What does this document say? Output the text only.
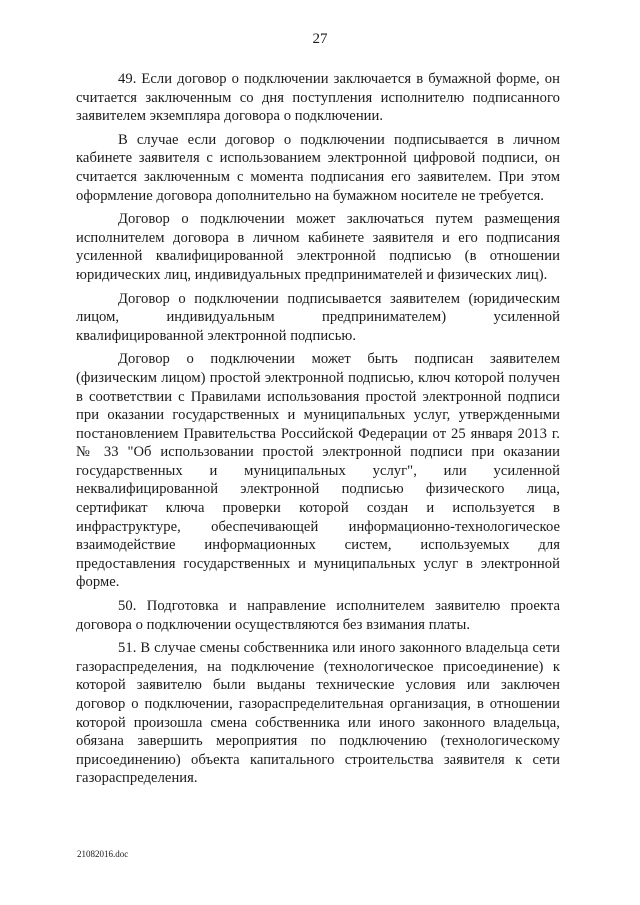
27

49. Если договор о подключении заключается в бумажной форме, он считается заключенным со дня поступления исполнителю подписанного заявителем экземпляра договора о подключении.

В случае если договор о подключении подписывается в личном кабинете заявителя с использованием электронной цифровой подписи, он считается заключенным с момента подписания его заявителем. При этом оформление договора дополнительно на бумажном носителе не требуется.

Договор о подключении может заключаться путем размещения исполнителем договора в личном кабинете заявителя и его подписания усиленной квалифицированной электронной подписью (в отношении юридических лиц, индивидуальных предпринимателей и физических лиц).

Договор о подключении подписывается заявителем (юридическим лицом, индивидуальным предпринимателем) усиленной квалифицированной электронной подписью.

Договор о подключении может быть подписан заявителем (физическим лицом) простой электронной подписью, ключ которой получен в соответствии с Правилами использования простой электронной подписи при оказании государственных и муниципальных услуг, утвержденными постановлением Правительства Российской Федерации от 25 января 2013 г. № 33 "Об использовании простой электронной подписи при оказании государственных и муниципальных услуг", или усиленной неквалифицированной электронной подписью физического лица, сертификат ключа проверки которой создан и используется в инфраструктуре, обеспечивающей информационно-технологическое взаимодействие информационных систем, используемых для предоставления государственных и муниципальных услуг в электронной форме.

50. Подготовка и направление исполнителем заявителю проекта договора о подключении осуществляются без взимания платы.

51. В случае смены собственника или иного законного владельца сети газораспределения, на подключение (технологическое присоединение) к которой заявителю были выданы технические условия или заключен договор о подключении, газораспределительная организация, в отношении которой произошла смена собственника или иного законного владельца, обязана завершить мероприятия по подключению (технологическому присоединению) объекта капитального строительства заявителя к сети газораспределения.

21082016.doc
